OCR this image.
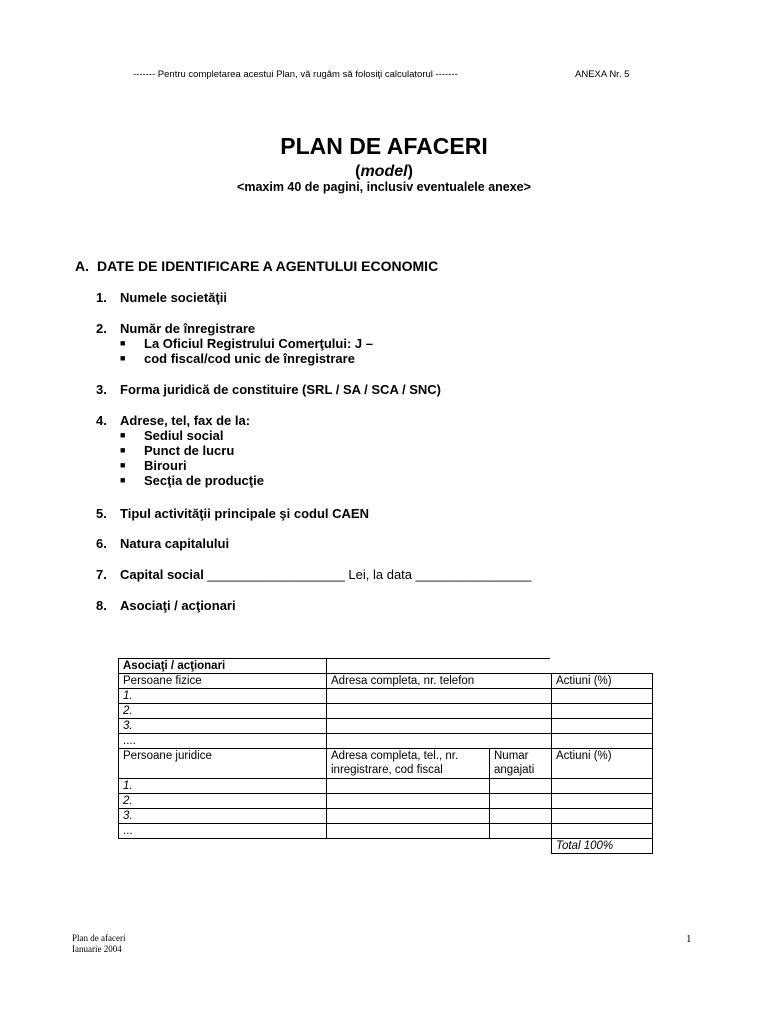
------- Pentru completarea acestui Plan, vă rugăm să folosiţi calculatorul -------	ANEXA Nr. 5
PLAN DE AFACERI
(model)
<maxim 40 de pagini, inclusiv eventualele anexe>
A. DATE DE IDENTIFICARE A AGENTULUI ECONOMIC
1. Numele societăţii
2. Număr de înregistrare
■ La Oficiul Registrului Comerţului: J –
■ cod fiscal/cod unic de înregistrare
3. Forma juridică de constituire (SRL / SA / SCA / SNC)
4. Adrese, tel, fax de la:
■ Sediul social
■ Punct de lucru
■ Birouri
■ Secţia de producţie
5. Tipul activităţii principale şi codul CAEN
6. Natura capitalului
7. Capital social ___________________ Lei, la data ________________
8. Asociaţi / acţionari
Asociaţi / acţionari			
Persoane fizice	Adresa completa, nr. telefon		Actiuni (%)
1.			
2.			
3.			
....			
Persoane juridice	Adresa completa, tel., nr. inregistrare, cod fiscal	Numar angajati	Actiuni (%)
1.			
2.			
3.			
...			
			Total 100%
Plan de afaceri
Ianuarie 2004
1
